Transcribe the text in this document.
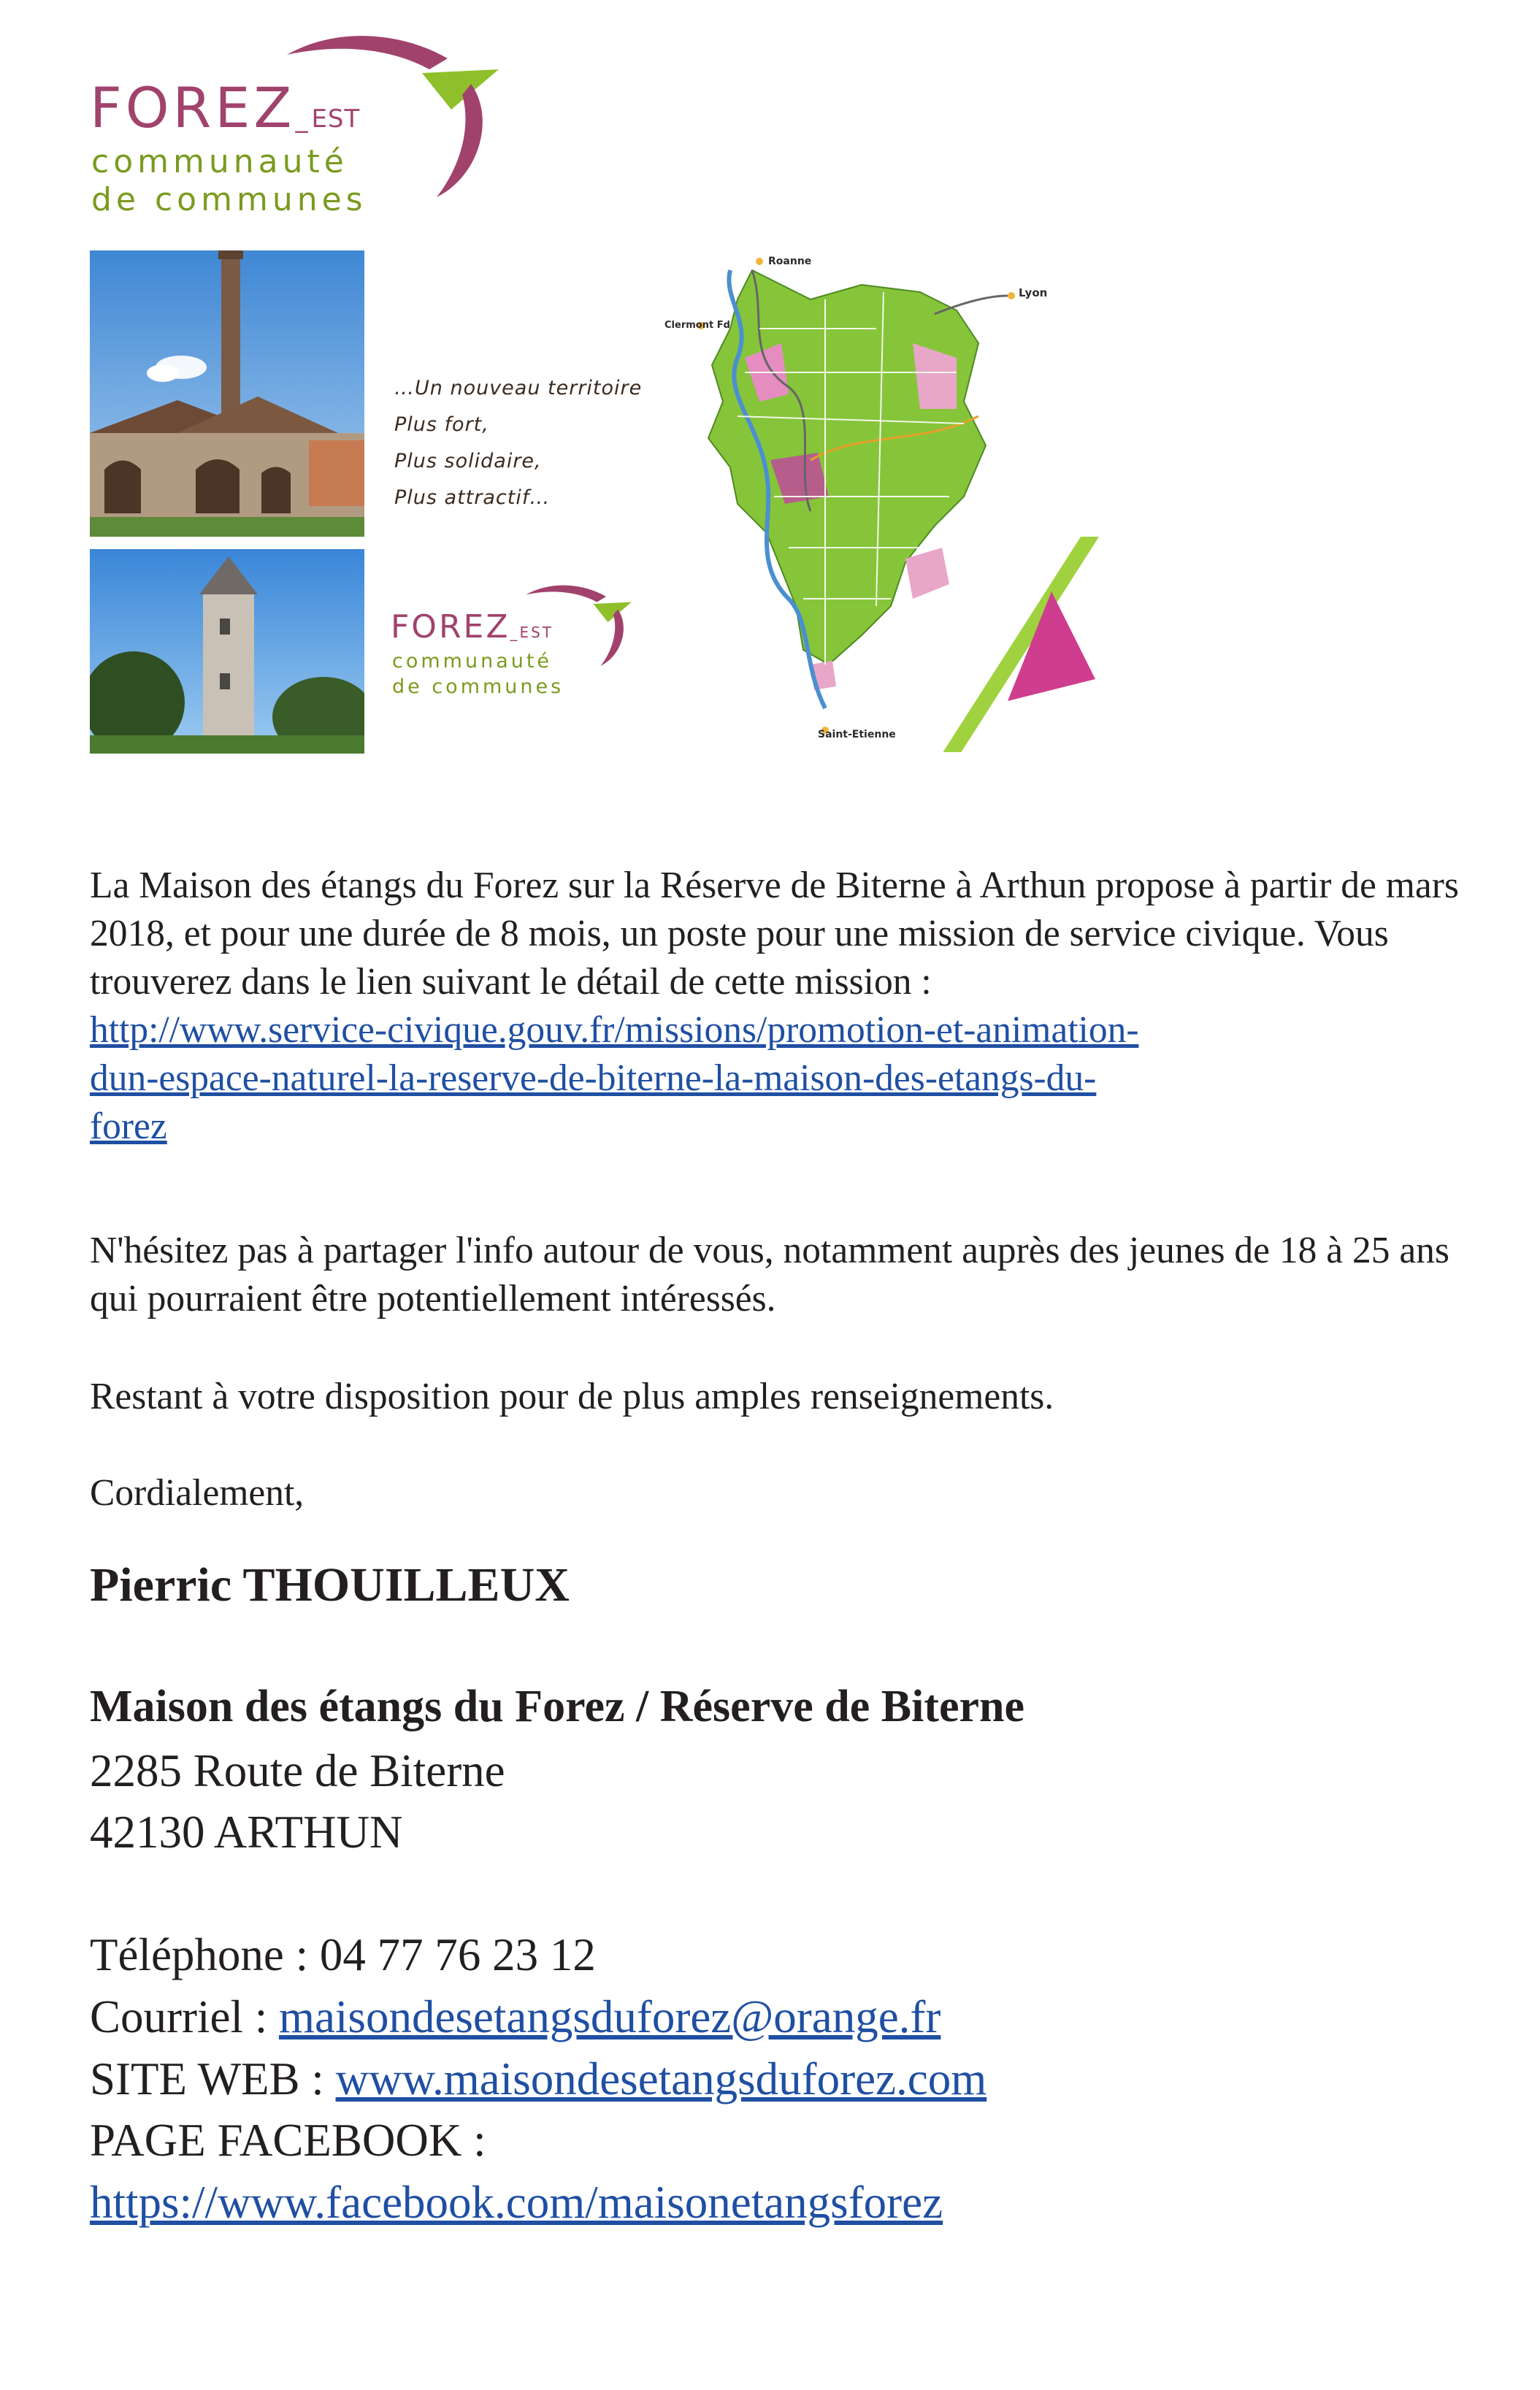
FOREZ_EST
communauté
de communes
…Un nouveau territoire
Plus fort,
Plus solidaire,
Plus attractif…
FOREZ_EST
communauté
de communes
Roanne
Lyon
Clermont Fd
Saint-Etienne
La Maison des étangs du Forez sur la Réserve de Biterne à Arthun propose à partir de mars 2018, et pour une durée de 8 mois, un poste pour une mission de service civique. Vous trouverez dans le lien suivant le détail de cette mission :
http://www.service-civique.gouv.fr/missions/promotion-et-animation-
dun-espace-naturel-la-reserve-de-biterne-la-maison-des-etangs-du-
forez
N'hésitez pas à partager l'info autour de vous, notamment auprès des jeunes de 18 à 25 ans qui pourraient être potentiellement intéressés.
Restant à votre disposition pour de plus amples renseignements.
Cordialement,
Pierric THOUILLEUX
Maison des étangs du Forez / Réserve de Biterne
2285 Route de Biterne
42130 ARTHUN
Téléphone : 04 77 76 23 12
Courriel : maisondesetangsduforez@orange.fr
SITE WEB : www.maisondesetangsduforez.com
PAGE FACEBOOK :
https://www.facebook.com/maisonetangsforez
